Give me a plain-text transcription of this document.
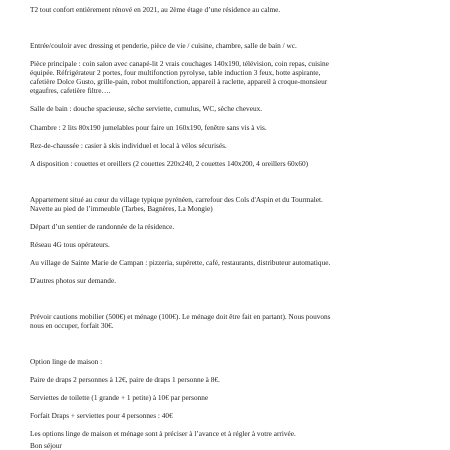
T2 tout confort entièrement rénové en 2021, au 2ème étage d’une résidence au calme.
Entrée/couloir avec dressing et penderie, pièce de vie / cuisine, chambre, salle de bain / wc.
Pièce principale : coin salon avec canapé-lit 2 vrais couchages 140x190, télévision, coin repas, cuisine
équipée. Réfrigérateur 2 portes, four multifonction pyrolyse, table induction 3 feux, hotte aspirante,
cafetière Dolce Gusto, grille-pain, robot multifonction, appareil à raclette, appareil à croque-monsieur
etgaufres, cafetière filtre….
Salle de bain : douche spacieuse, sèche serviette, cumulus, WC, sèche cheveux.
Chambre : 2 lits 80x190 jumelables pour faire un 160x190, fenêtre sans vis à vis.
Rez-de-chaussée : casier à skis individuel et local à vélos sécurisés.
A disposition : couettes et oreillers (2 couettes 220x240, 2 couettes 140x200, 4 oreillers 60x60)
Appartement situé au cœur du village typique pyrénéen, carrefour des Cols d'Aspin et du Tourmalet.
Navette au pied de l’immeuble (Tarbes, Bagnères, La Mongie)
Départ d’un sentier de randonnée de la résidence.
Réseau 4G tous opérateurs.
Au village de Sainte Marie de Campan : pizzeria, supérette, café, restaurants, distributeur automatique.
D'autres photos sur demande.
Prévoir cautions mobilier (500€) et ménage (100€). Le ménage doit être fait en partant). Nous pouvons
nous en occuper, forfait 30€.
Option linge de maison :
Paire de draps 2 personnes à 12€, paire de draps 1 personne à 8€.
Serviettes de toilette (1 grande + 1 petite) à 10€ par personne
Forfait Draps + serviettes pour 4 personnes : 40€
Les options linge de maison et ménage sont à préciser à l’avance et à régler à votre arrivée.
Bon séjour
